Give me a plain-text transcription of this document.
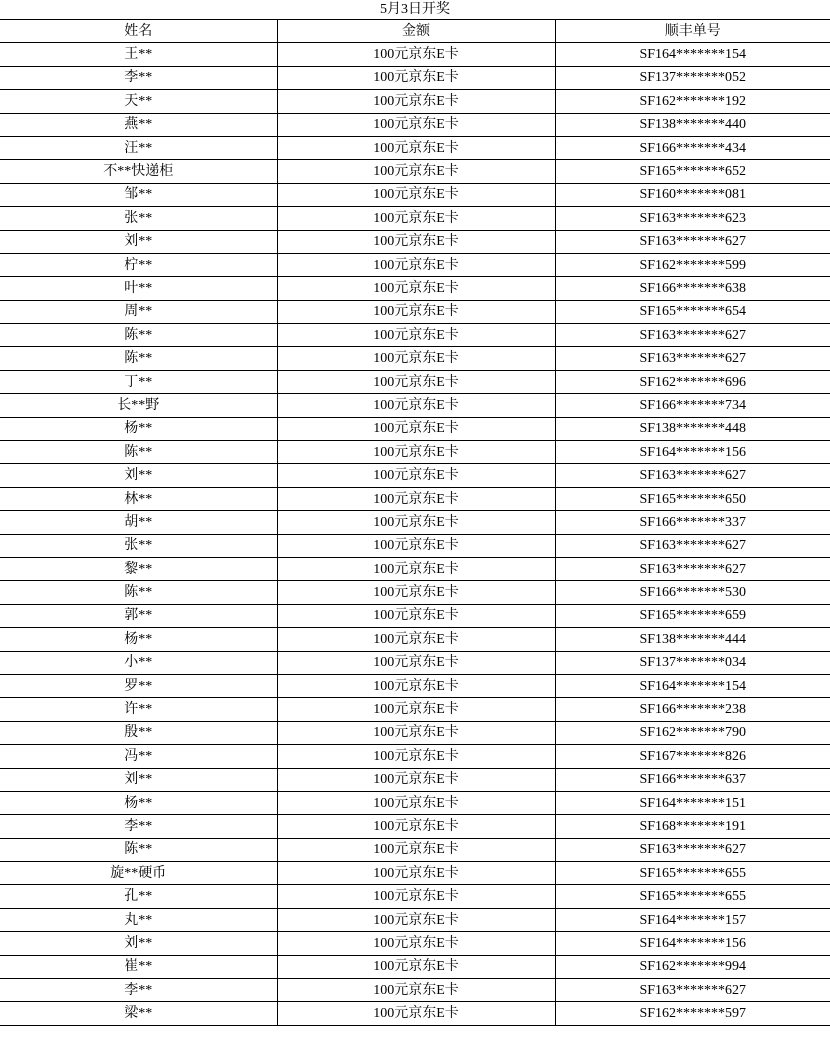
5月3日开奖
姓名	金额	顺丰单号
王**	100元京东E卡	SF164*******154
李**	100元京东E卡	SF137*******052
天**	100元京东E卡	SF162*******192
燕**	100元京东E卡	SF138*******440
汪**	100元京东E卡	SF166*******434
不**快递柜	100元京东E卡	SF165*******652
邹**	100元京东E卡	SF160*******081
张**	100元京东E卡	SF163*******623
刘**	100元京东E卡	SF163*******627
柠**	100元京东E卡	SF162*******599
叶**	100元京东E卡	SF166*******638
周**	100元京东E卡	SF165*******654
陈**	100元京东E卡	SF163*******627
陈**	100元京东E卡	SF163*******627
丁**	100元京东E卡	SF162*******696
长**野	100元京东E卡	SF166*******734
杨**	100元京东E卡	SF138*******448
陈**	100元京东E卡	SF164*******156
刘**	100元京东E卡	SF163*******627
林**	100元京东E卡	SF165*******650
胡**	100元京东E卡	SF166*******337
张**	100元京东E卡	SF163*******627
黎**	100元京东E卡	SF163*******627
陈**	100元京东E卡	SF166*******530
郭**	100元京东E卡	SF165*******659
杨**	100元京东E卡	SF138*******444
小**	100元京东E卡	SF137*******034
罗**	100元京东E卡	SF164*******154
许**	100元京东E卡	SF166*******238
殷**	100元京东E卡	SF162*******790
冯**	100元京东E卡	SF167*******826
刘**	100元京东E卡	SF166*******637
杨**	100元京东E卡	SF164*******151
李**	100元京东E卡	SF168*******191
陈**	100元京东E卡	SF163*******627
旋**硬币	100元京东E卡	SF165*******655
孔**	100元京东E卡	SF165*******655
丸**	100元京东E卡	SF164*******157
刘**	100元京东E卡	SF164*******156
崔**	100元京东E卡	SF162*******994
李**	100元京东E卡	SF163*******627
梁**	100元京东E卡	SF162*******597
